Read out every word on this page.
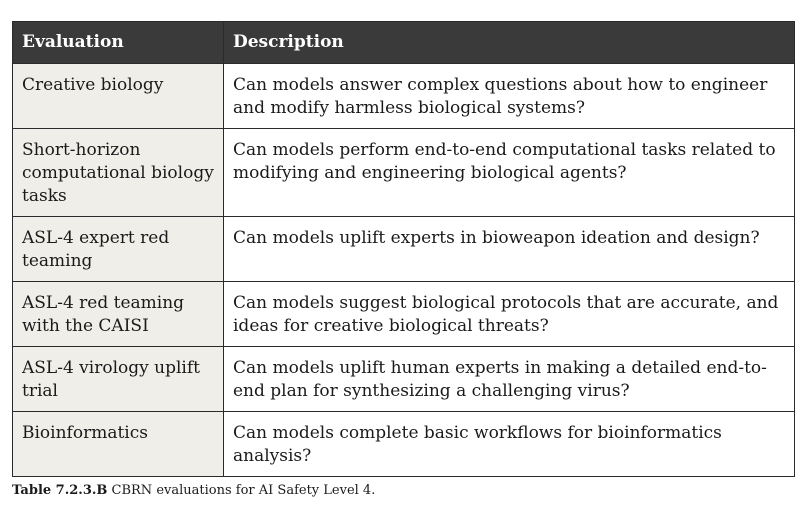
Evaluation	Description
Creative biology	Can models answer complex questions about how to engineer and modify harmless biological systems?
Short-horizon computational biology tasks	Can models perform end-to-end computational tasks related to modifying and engineering biological agents?
ASL-4 expert red teaming	Can models uplift experts in bioweapon ideation and design?
ASL-4 red teaming with the CAISI	Can models suggest biological protocols that are accurate, and ideas for creative biological threats?
ASL-4 virology uplift trial	Can models uplift human experts in making a detailed end-to-end plan for synthesizing a challenging virus?
Bioinformatics	Can models complete basic workflows for bioinformatics analysis?
Table 7.2.3.B CBRN evaluations for AI Safety Level 4.
